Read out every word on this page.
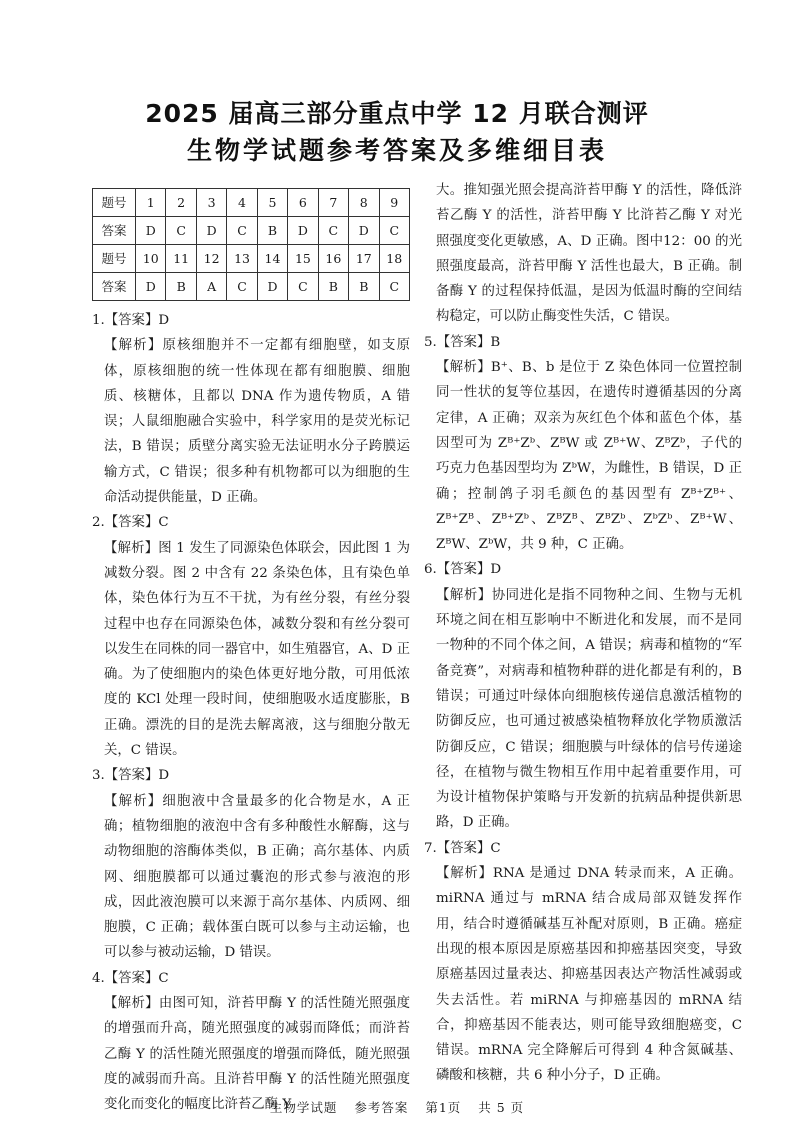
2025 届高三部分重点中学 12 月联合测评
生物学试题参考答案及多维细目表
题号	1	2	3	4	5	6	7	8	9
答案	D	C	D	C	B	D	C	D	C
题号	10	11	12	13	14	15	16	17	18
答案	D	B	A	C	D	C	B	B	C
1.【答案】D
【解析】原核细胞并不一定都有细胞壁，如支原体，原核细胞的统一性体现在都有细胞膜、细胞质、核糖体，且都以 DNA 作为遗传物质，A 错误；人鼠细胞融合实验中，科学家用的是荧光标记法，B 错误；质壁分离实验无法证明水分子跨膜运输方式，C 错误；很多种有机物都可以为细胞的生命活动提供能量，D 正确。
2.【答案】C
【解析】图 1 发生了同源染色体联会，因此图 1 为减数分裂。图 2 中含有 22 条染色体，且有染色单体，染色体行为互不干扰，为有丝分裂，有丝分裂过程中也存在同源染色体，减数分裂和有丝分裂可以发生在同株的同一器官中，如生殖器官，A、D 正确。为了使细胞内的染色体更好地分散，可用低浓度的 KCl 处理一段时间，使细胞吸水适度膨胀，B 正确。漂洗的目的是洗去解离液，这与细胞分散无关，C 错误。
3.【答案】D
【解析】细胞液中含量最多的化合物是水，A 正确；植物细胞的液泡中含有多种酸性水解酶，这与动物细胞的溶酶体类似，B 正确；高尔基体、内质网、细胞膜都可以通过囊泡的形式参与液泡的形成，因此液泡膜可以来源于高尔基体、内质网、细胞膜，C 正确；载体蛋白既可以参与主动运输，也可以参与被动运输，D 错误。
4.【答案】C
【解析】由图可知，浒苔甲酶 Y 的活性随光照强度的增强而升高，随光照强度的减弱而降低；而浒苔乙酶 Y 的活性随光照强度的增强而降低，随光照强度的减弱而升高。且浒苔甲酶 Y 的活性随光照强度变化而变化的幅度比浒苔乙酶 Y
大。推知强光照会提高浒苔甲酶 Y 的活性，降低浒苔乙酶 Y 的活性，浒苔甲酶 Y 比浒苔乙酶 Y 对光照强度变化更敏感，A、D 正确。图中12：00 的光照强度最高，浒苔甲酶 Y 活性也最大，B 正确。制备酶 Y 的过程保持低温，是因为低温时酶的空间结构稳定，可以防止酶变性失活，C 错误。
5.【答案】B
【解析】B⁺、B、b 是位于 Z 染色体同一位置控制同一性状的复等位基因，在遗传时遵循基因的分离定律，A 正确；双亲为灰红色个体和蓝色个体，基因型可为 Zᴮ⁺Zᵇ、ZᴮW 或 Zᴮ⁺W、ZᴮZᵇ，子代的巧克力色基因型均为 ZᵇW，为雌性，B 错误，D 正确；控制鸽子羽毛颜色的基因型有 Zᴮ⁺Zᴮ⁺、Zᴮ⁺Zᴮ、Zᴮ⁺Zᵇ、ZᴮZᴮ、ZᴮZᵇ、ZᵇZᵇ、Zᴮ⁺W、ZᴮW、ZᵇW，共 9 种，C 正确。
6.【答案】D
【解析】协同进化是指不同物种之间、生物与无机环境之间在相互影响中不断进化和发展，而不是同一物种的不同个体之间，A 错误；病毒和植物的“军备竞赛”，对病毒和植物种群的进化都是有利的，B 错误；可通过叶绿体向细胞核传递信息激活植物的防御反应，也可通过被感染植物释放化学物质激活防御反应，C 错误；细胞膜与叶绿体的信号传递途径，在植物与微生物相互作用中起着重要作用，可为设计植物保护策略与开发新的抗病品种提供新思路，D 正确。
7.【答案】C
【解析】RNA 是通过 DNA 转录而来，A 正确。miRNA 通过与 mRNA 结合成局部双链发挥作用，结合时遵循碱基互补配对原则，B 正确。癌症出现的根本原因是原癌基因和抑癌基因突变，导致原癌基因过量表达、抑癌基因表达产物活性减弱或失去活性。若 miRNA 与抑癌基因的 mRNA 结合，抑癌基因不能表达，则可能导致细胞癌变，C 错误。mRNA 完全降解后可得到 4 种含氮碱基、磷酸和核糖，共 6 种小分子，D 正确。
生物学试题 参考答案 第1页 共 5 页
